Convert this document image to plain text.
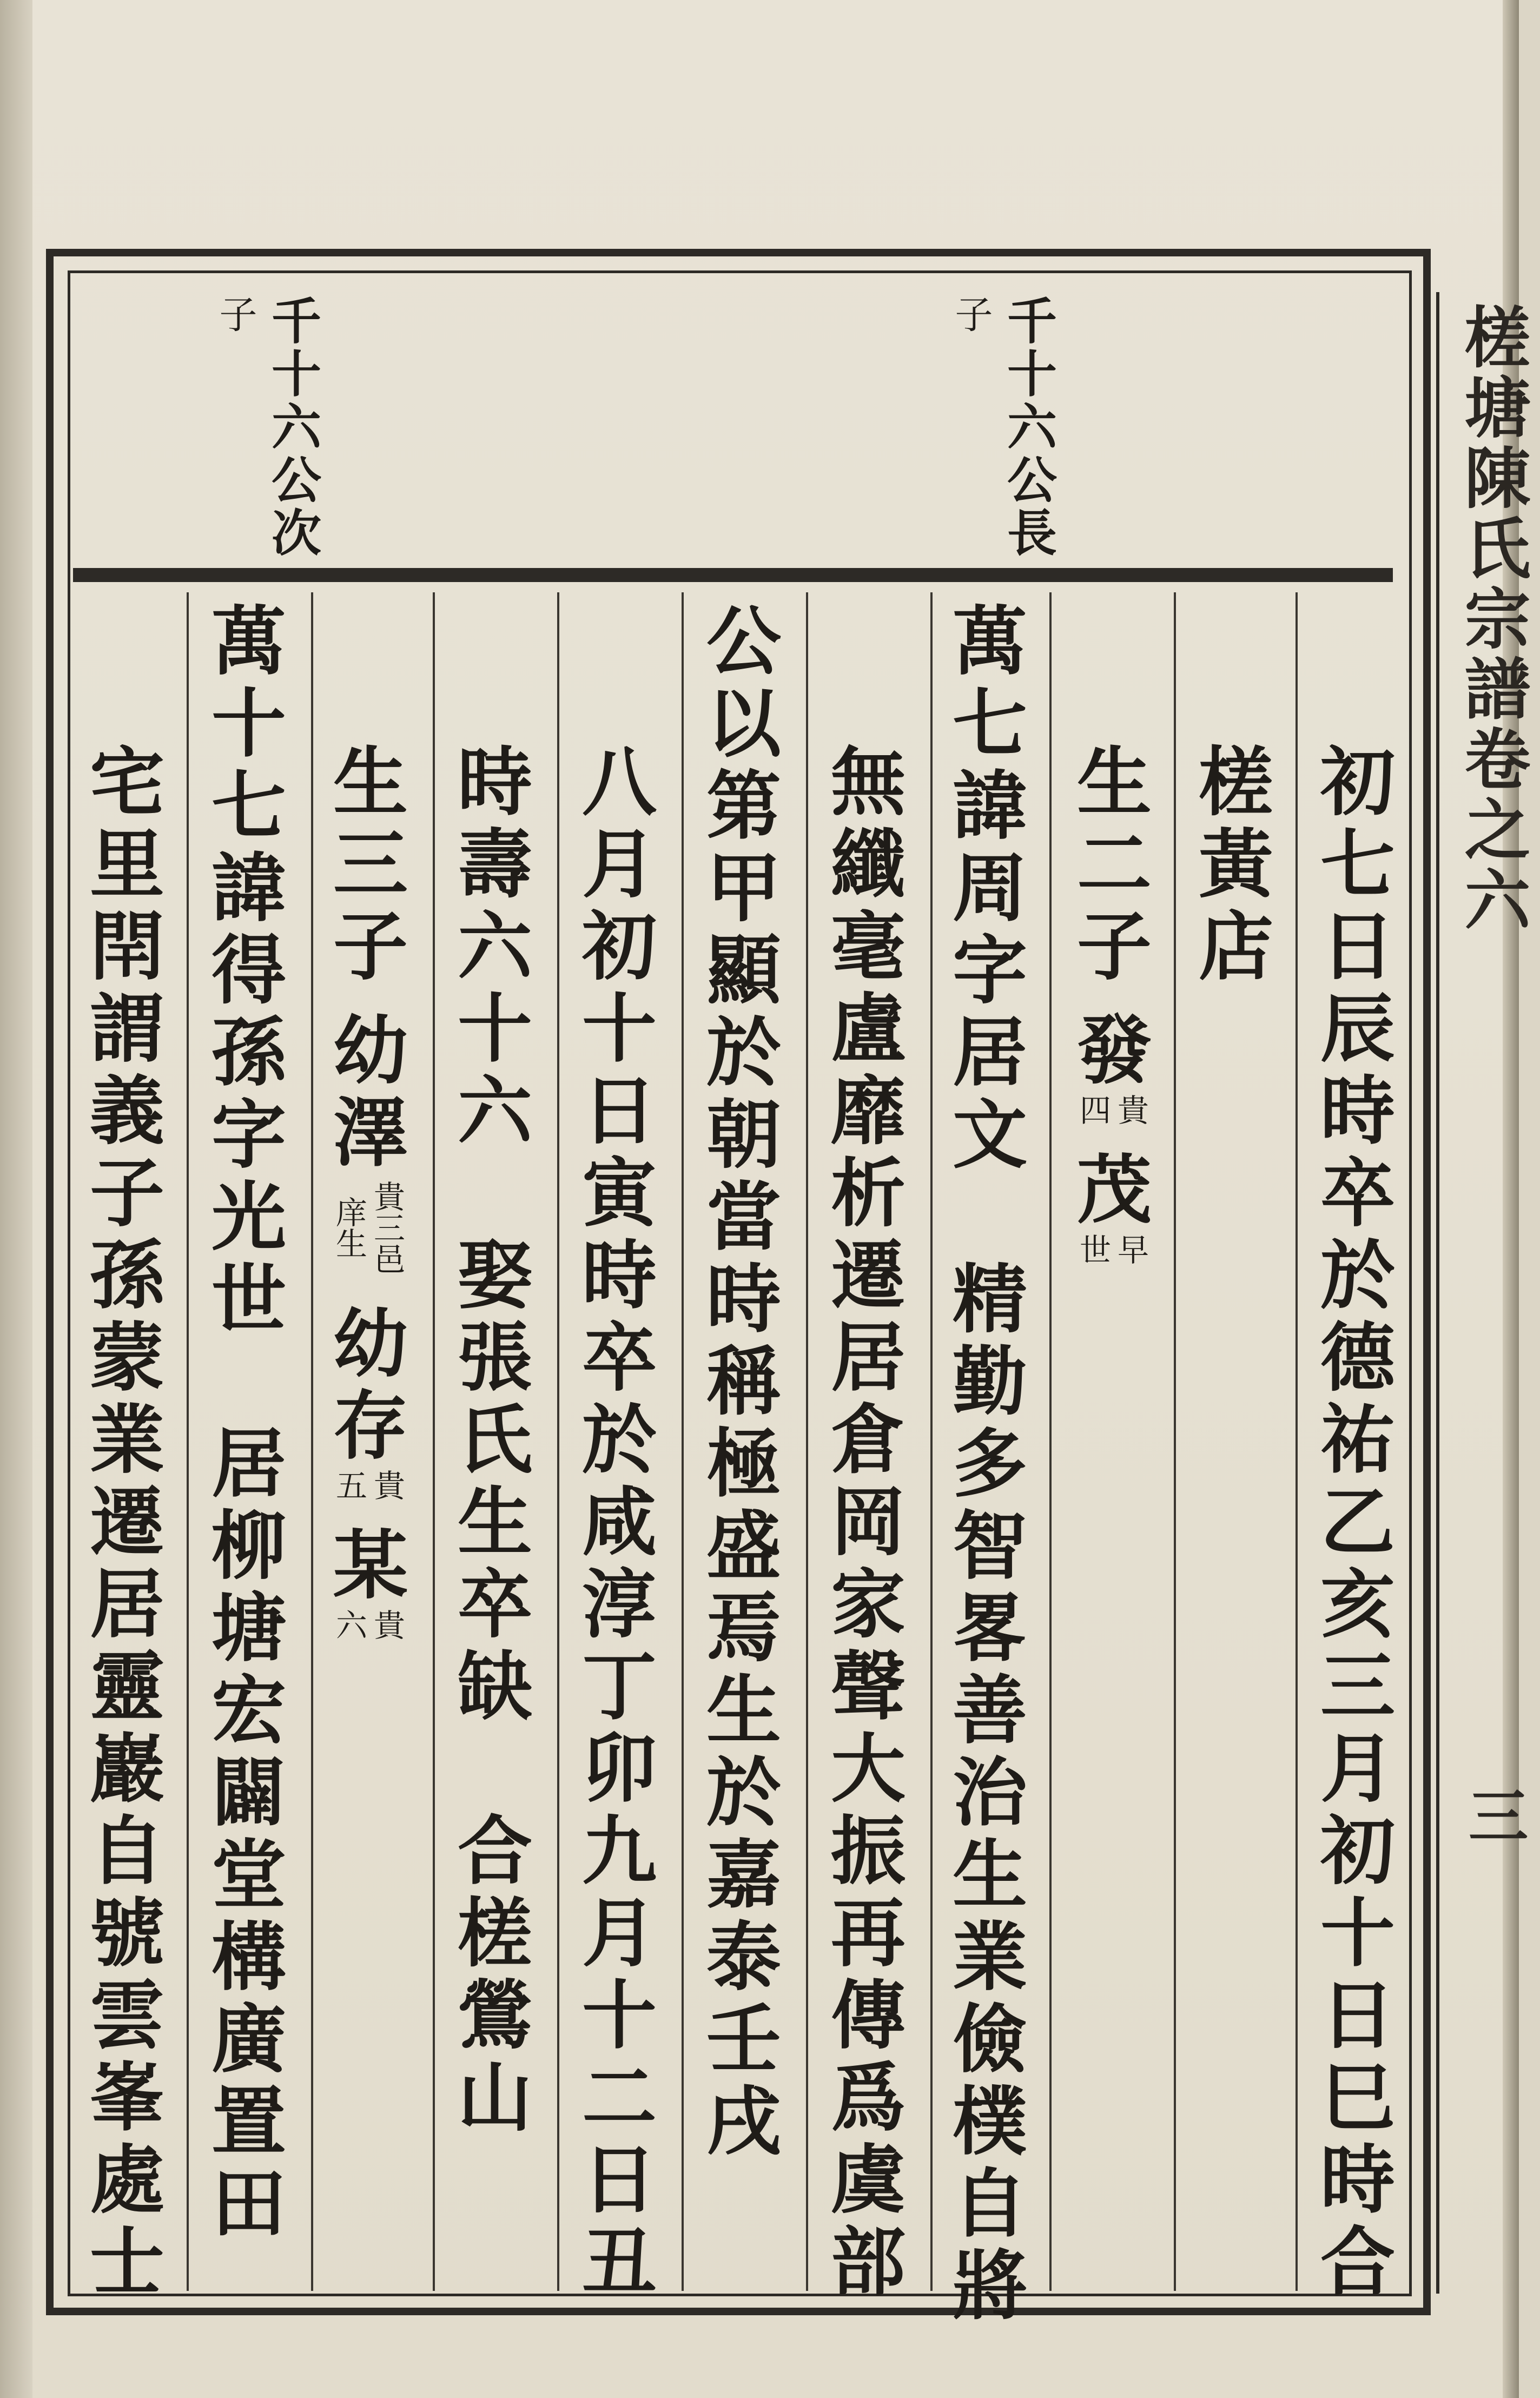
槎塘陳氏宗譜卷之六
三
千十六公長
子
千十六公次
子
初
七
日
辰
時
卒
於
德
祐
乙
亥
三
月
初
十
日
巳
時
合
槎
黃
店
生
二
子
發
貴四
茂
早世
萬
七
諱
周
字
居
文
精
勤
多
智
畧
善
治
生
業
儉
樸
自
將
無
纖
毫
盧
靡
析
遷
居
倉
岡
家
聲
大
振
再
傳
爲
虞
部
公
以
第
甲
顯
於
朝
當
時
稱
極
盛
焉
生
於
嘉
泰
壬
戌
八
月
初
十
日
寅
時
卒
於
咸
淳
丁
卯
九
月
十
二
日
丑
時
壽
六
十
六
娶
張
氏
生
卒
缺
合
槎
鶯
山
生
三
子
幼
澤
貴三邑庠生
幼
存
貴五
某
貴六
萬
十
七
諱
得
孫
字
光
世
居
柳
塘
宏
闢
堂
構
廣
置
田
宅
里
閈
謂
義
子
孫
蒙
業
遷
居
靈
巖
自
號
雲
峯
處
士
